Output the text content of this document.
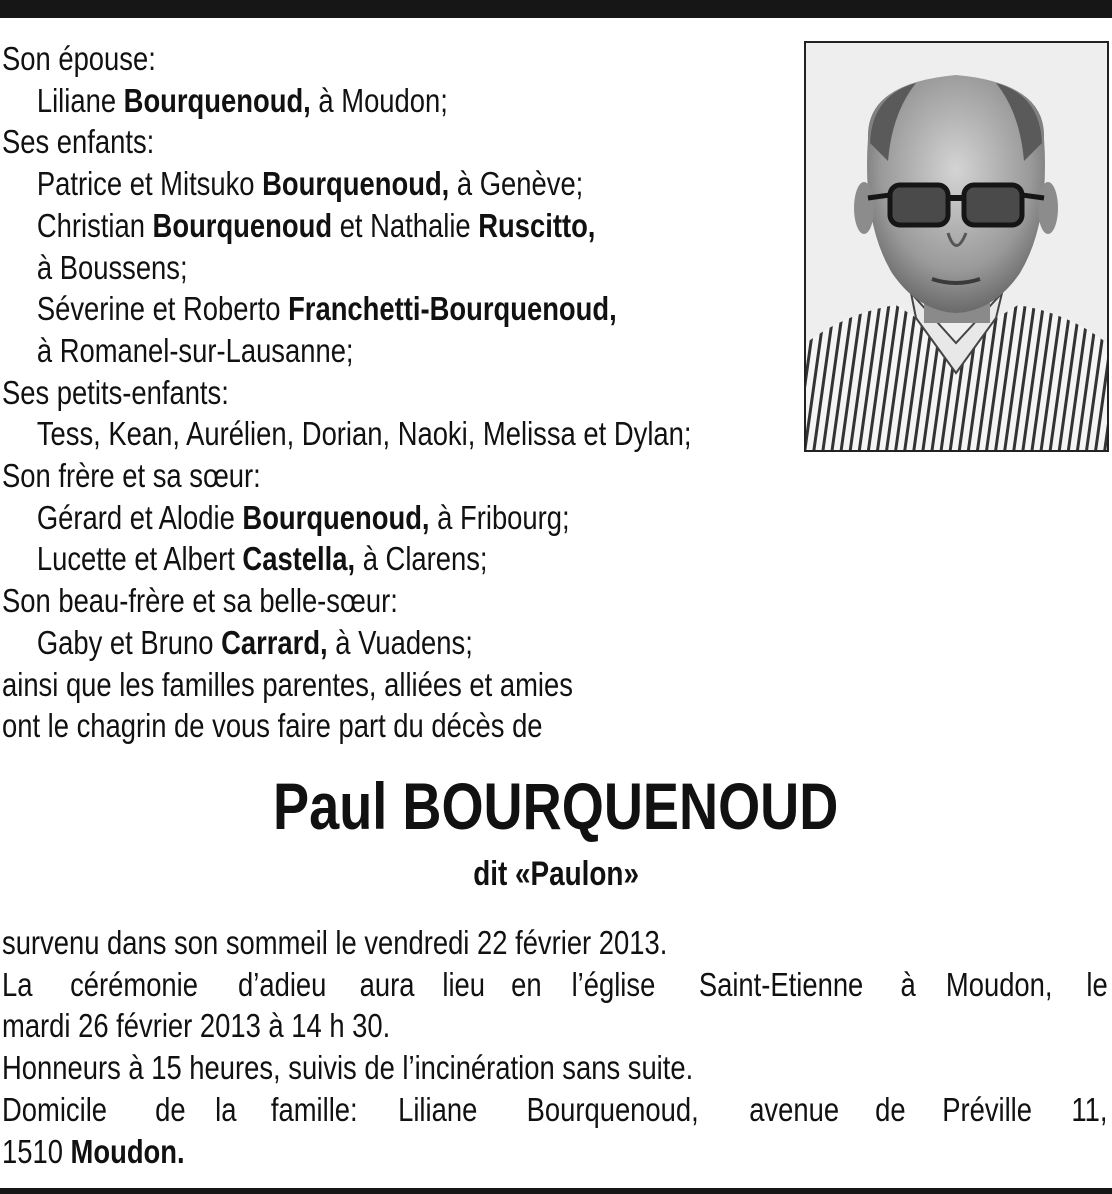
Son épouse:
Liliane Bourquenoud, à Moudon;
Ses enfants:
Patrice et Mitsuko Bourquenoud, à Genève;
Christian Bourquenoud et Nathalie Ruscitto,
à Boussens;
Séverine et Roberto Franchetti-Bourquenoud,
à Romanel-sur-Lausanne;
Ses petits-enfants:
Tess, Kean, Aurélien, Dorian, Naoki, Melissa et Dylan;
Son frère et sa sœur:
Gérard et Alodie Bourquenoud, à Fribourg;
Lucette et Albert Castella, à Clarens;
Son beau-frère et sa belle-sœur:
Gaby et Bruno Carrard, à Vuadens;
ainsi que les familles parentes, alliées et amies
ont le chagrin de vous faire part du décès de
Paul BOURQUENOUD
dit «Paulon»
survenu dans son sommeil le vendredi 22 février 2013.
La cérémonie d’adieu aura lieu en l’église Saint-Etienne à Moudon, le
mardi 26 février 2013 à 14 h 30.
Honneurs à 15 heures, suivis de l’incinération sans suite.
Domicile de la famille: Liliane Bourquenoud, avenue de Préville 11,
1510 Moudon.
